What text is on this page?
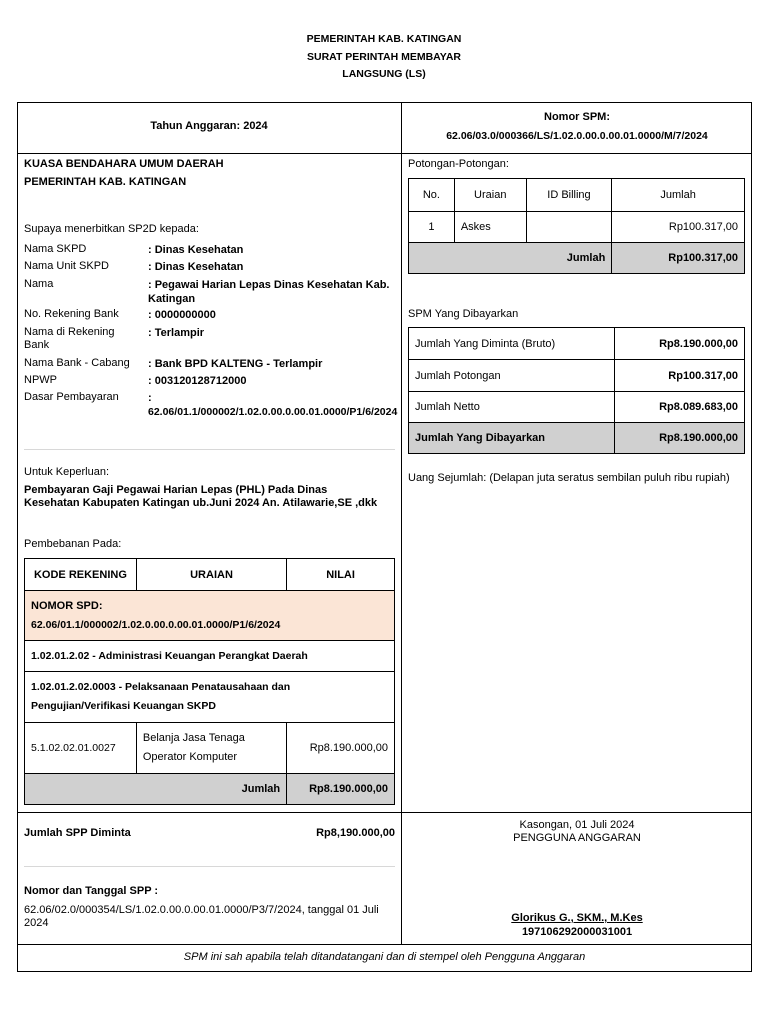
PEMERINTAH KAB. KATINGAN
SURAT PERINTAH MEMBAYAR
LANGSUNG (LS)
Tahun Anggaran: 2024
Nomor SPM:
62.06/03.0/000366/LS/1.02.0.00.0.00.01.0000/M/7/2024
KUASA BENDAHARA UMUM DAERAH
PEMERINTAH KAB. KATINGAN
Supaya menerbitkan SP2D kepada:
Nama SKPD	: Dinas Kesehatan
Nama Unit SKPD	: Dinas Kesehatan
Nama	: Pegawai Harian Lepas Dinas Kesehatan Kab. Katingan
No. Rekening Bank	: 0000000000
Nama di Rekening Bank
: Terlampir
Nama Bank - Cabang	: Bank BPD KALTENG - Terlampir
NPWP	: 003120128712000
Dasar Pembayaran	:
62.06/01.1/000002/1.02.0.00.0.00.01.0000/P1/6/2024
Untuk Keperluan:
Pembayaran Gaji Pegawai Harian Lepas (PHL) Pada Dinas Kesehatan Kabupaten Katingan ub.Juni 2024 An. Atilawarie,SE ,dkk
Pembebanan Pada:
KODE REKENING	URAIAN	NILAI

NOMOR SPD:
62.06/01.1/000002/1.02.0.00.0.00.01.0000/P1/6/2024		

1.02.01.2.02 - Administrasi Keuangan Perangkat Daerah		
1.02.01.2.02.0003 - Pelaksanaan Penatausahaan dan Pengujian/Verifikasi Keuangan SKPD		
5.1.02.02.01.0027	Belanja Jasa Tenaga Operator Komputer	Rp8.190.000,00
Jumlah		Rp8.190.000,00
Potongan-Potongan:
No.	Uraian	ID Billing	Jumlah
1	Askes		Rp100.317,00
Jumlah			Rp100.317,00
SPM Yang Dibayarkan
Jumlah Yang Diminta (Bruto)	Rp8.190.000,00
Jumlah Potongan	Rp100.317,00
Jumlah Netto	Rp8.089.683,00
Jumlah Yang Dibayarkan	Rp8.190.000,00
Uang Sejumlah: (Delapan juta seratus sembilan puluh ribu rupiah)
Jumlah SPP Diminta	Rp8,190.000,00
Nomor dan Tanggal SPP :
62.06/02.0/000354/LS/1.02.0.00.0.00.01.0000/P3/7/2024, tanggal 01 Juli 2024
Kasongan, 01 Juli 2024
PENGGUNA ANGGARAN
Glorikus G., SKM., M.Kes
197106292000031001
SPM ini sah apabila telah ditandatangani dan di stempel oleh Pengguna Anggaran
